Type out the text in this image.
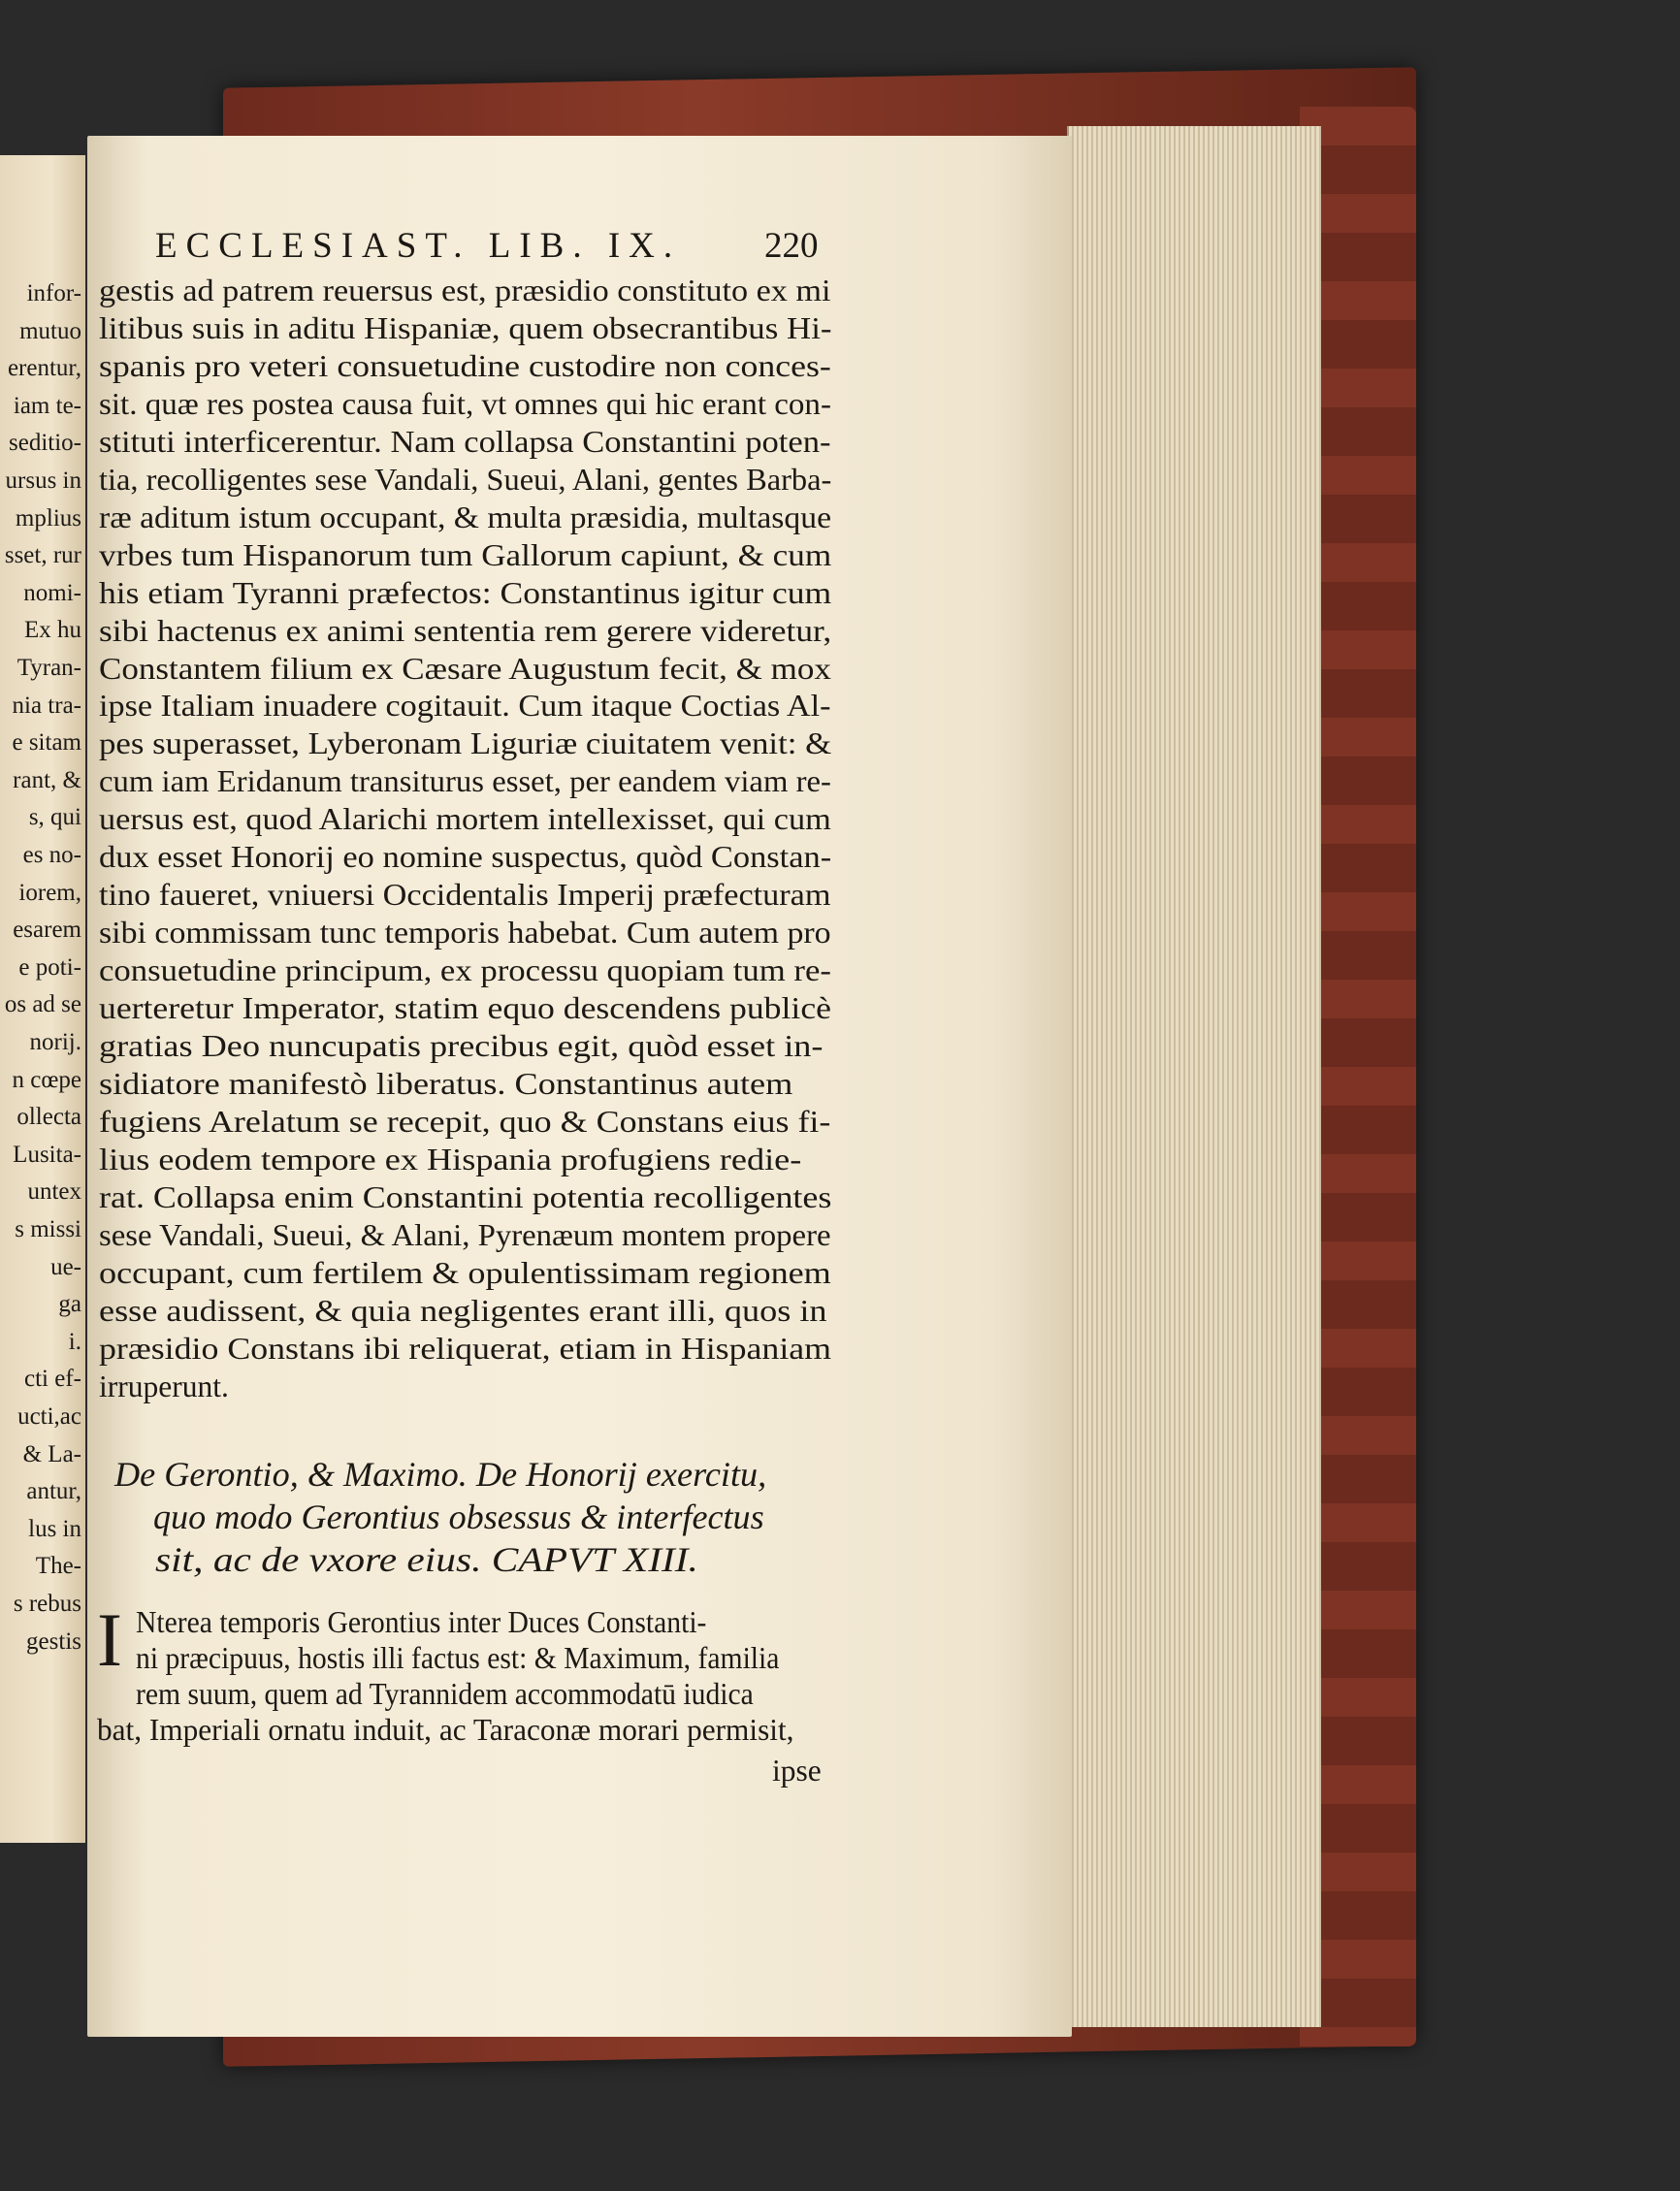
infor-
mutuo
erentur,
iam te-
seditio-
ursus in
mplius
sset, rur
nomi-
Ex hu
Tyran-
nia tra-
e sitam
rant, &
s, qui
es no-
iorem,
esarem
e poti-
os ad se
norij.
n cœpe
ollecta
Lusita-
untex
s missi
ue-
ga
i.
cti ef-
ucti,ac
& La-
antur,
lus in
The-
s rebus
gestis
ECCLESIAST. LIB. IX.	220
gestis ad patrem reuersus est, præsidio constituto ex mi
litibus suis in aditu Hispaniæ, quem obsecrantibus Hi-
spanis pro veteri consuetudine custodire non conces-
sit. quæ res postea causa fuit, vt omnes qui hic erant con-
stituti interficerentur. Nam collapsa Constantini poten-
tia, recolligentes sese Vandali, Sueui, Alani, gentes Barba-
ræ aditum istum occupant, & multa præsidia, multasque
vrbes tum Hispanorum tum Gallorum capiunt, & cum
his etiam Tyranni præfectos: Constantinus igitur cum
sibi hactenus ex animi sententia rem gerere videretur,
Constantem filium ex Cæsare Augustum fecit, & mox
ipse Italiam inuadere cogitauit. Cum itaque Coctias Al-
pes superasset, Lyberonam Liguriæ ciuitatem venit: &
cum iam Eridanum transiturus esset, per eandem viam re-
uersus est, quod Alarichi mortem intellexisset, qui cum
dux esset Honorij eo nomine suspectus, quòd Constan-
tino faueret, vniuersi Occidentalis Imperij præfecturam
sibi commissam tunc temporis habebat. Cum autem pro
consuetudine principum, ex processu quopiam tum re-
uerteretur Imperator, statim equo descendens publicè
gratias Deo nuncupatis precibus egit, quòd esset in-
sidiatore manifestò liberatus. Constantinus autem
fugiens Arelatum se recepit, quo & Constans eius fi-
lius eodem tempore ex Hispania profugiens redie-
rat. Collapsa enim Constantini potentia recolligentes
sese Vandali, Sueui, & Alani, Pyrenæum montem propere
occupant, cum fertilem & opulentissimam regionem
esse audissent, & quia negligentes erant illi, quos in
præsidio Constans ibi reliquerat, etiam in Hispaniam
irruperunt.
De Gerontio, & Maximo. De Honorij exercitu,
quo modo Gerontius obsessus & interfectus
sit, ac de vxore eius. CAPVT XIII.
I Nterea temporis Gerontius inter Duces Constanti-
ni præcipuus, hostis illi factus est: & Maximum, familia
rem suum, quem ad Tyrannidem accommodatū iudica
bat, Imperiali ornatu induit, ac Taraconæ morari permisit,
ipse
